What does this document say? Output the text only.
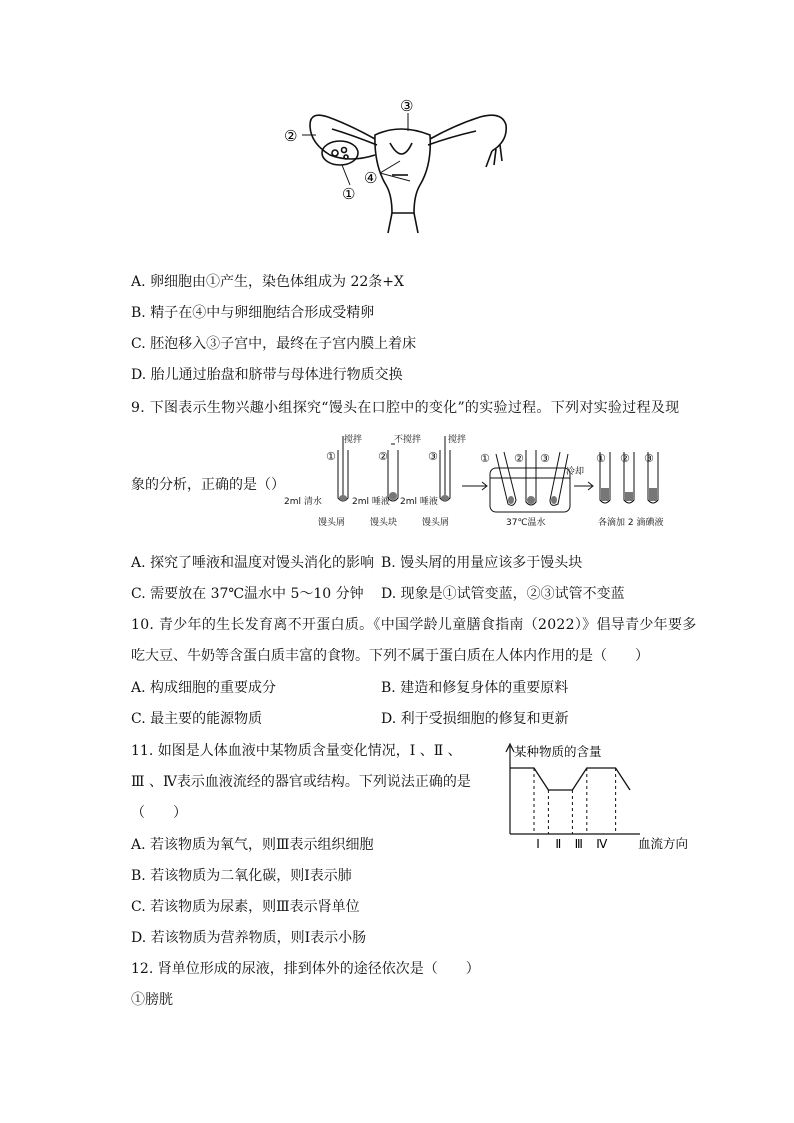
③
②
④
①
A. 卵细胞由①产生，染色体组成为 22条+X
B. 精子在④中与卵细胞结合形成受精卵
C. 胚泡移入③子宫中，最终在子宫内膜上着床
D. 胎儿通过胎盘和脐带与母体进行物质交换
9. 下图表示生物兴趣小组探究“馒头在口腔中的变化”的实验过程。下列对实验过程及现
象的分析，正确的是（）
搅拌	不搅拌	搅拌
①	②	③
2ml 清水	2ml 唾液 2ml 唾液
馒头屑	馒头块	馒头屑	37℃温水
冷却
各滴加 2 滴碘液
① ② ③	① ② ③
A. 探究了唾液和温度对馒头消化的影响 B. 馒头屑的用量应该多于馒头块
C. 需要放在 37℃温水中 5～10 分钟 D. 现象是①试管变蓝，②③试管不变蓝
10. 青少年的生长发育离不开蛋白质。《中国学龄儿童膳食指南（2022）》倡导青少年要多
吃大豆、牛奶等含蛋白质丰富的食物。下列不属于蛋白质在人体内作用的是（　　）
A. 构成细胞的重要成分	B. 建造和修复身体的重要原料
C. 最主要的能源物质	D. 利于受损细胞的修复和更新
11. 如图是人体血液中某物质含量变化情况，Ⅰ 、Ⅱ 、
Ⅲ 、Ⅳ表示血液流经的器官或结构。下列说法正确的是
（　　）
A. 若该物质为氧气，则Ⅲ表示组织细胞
B. 若该物质为二氧化碳，则Ⅰ表示肺
C. 若该物质为尿素，则Ⅲ表示肾单位
D. 若该物质为营养物质，则Ⅰ表示小肠
某种物质的含量
血流方向
Ⅰ Ⅱ Ⅲ Ⅳ
12. 肾单位形成的尿液，排到体外的途径依次是（　　）
①膀胱
